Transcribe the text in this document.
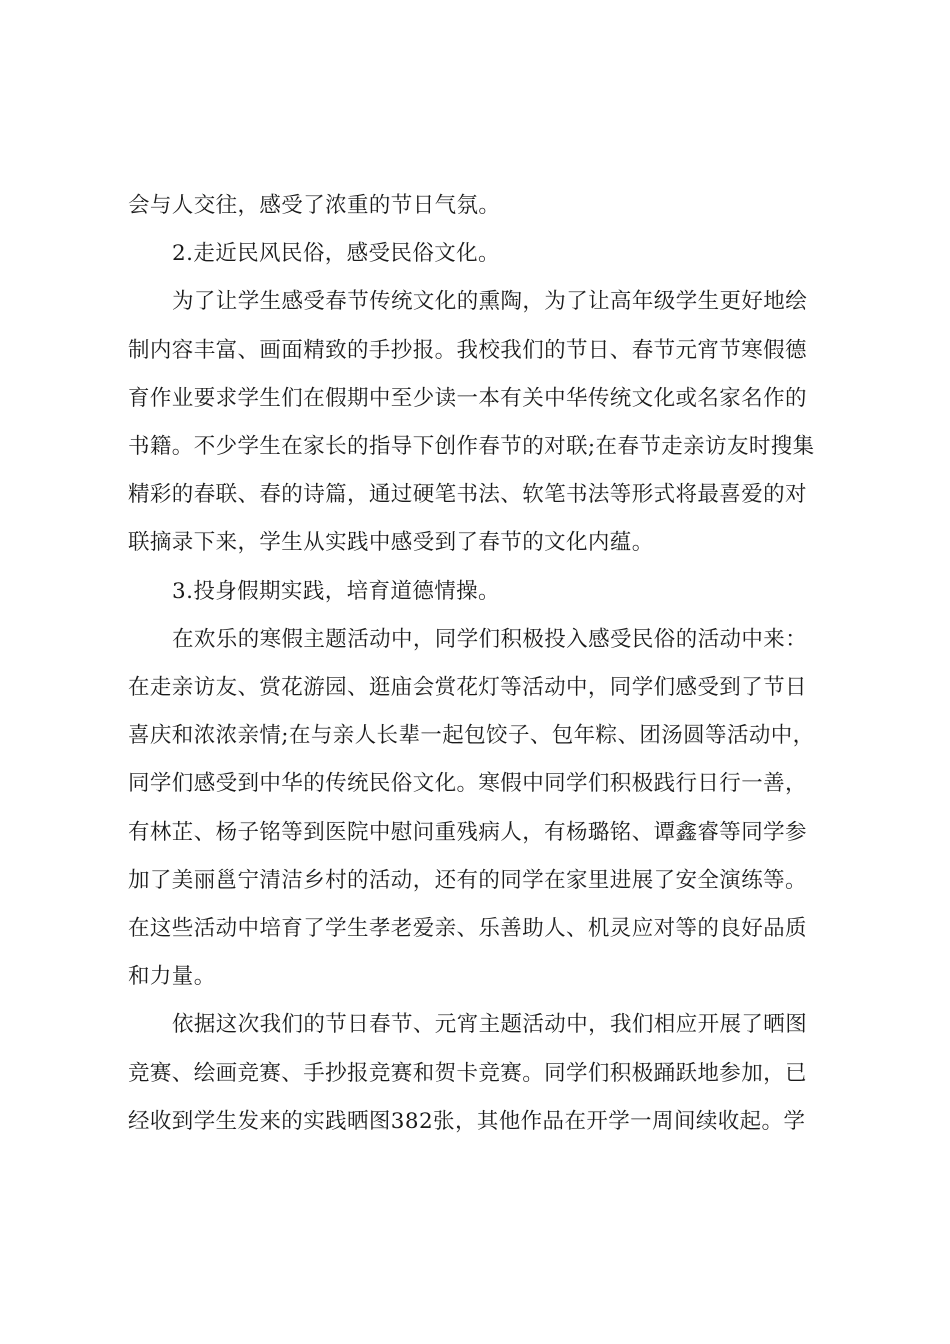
会与人交往，感受了浓重的节日气氛。

2.走近民风民俗，感受民俗文化。

为了让学生感受春节传统文化的熏陶，为了让高年级学生更好地绘
制内容丰富、画面精致的手抄报。我校我们的节日、春节元宵节寒假德
育作业要求学生们在假期中至少读一本有关中华传统文化或名家名作的
书籍。不少学生在家长的指导下创作春节的对联;在春节走亲访友时搜集
精彩的春联、春的诗篇，通过硬笔书法、软笔书法等形式将最喜爱的对
联摘录下来，学生从实践中感受到了春节的文化内蕴。

3.投身假期实践，培育道德情操。

在欢乐的寒假主题活动中，同学们积极投入感受民俗的活动中来：
在走亲访友、赏花游园、逛庙会赏花灯等活动中，同学们感受到了节日
喜庆和浓浓亲情;在与亲人长辈一起包饺子、包年粽、团汤圆等活动中，
同学们感受到中华的传统民俗文化。寒假中同学们积极践行日行一善，
有林芷、杨子铭等到医院中慰问重残病人，有杨璐铭、谭鑫睿等同学参
加了美丽邕宁清洁乡村的活动，还有的同学在家里进展了安全演练等。
在这些活动中培育了学生孝老爱亲、乐善助人、机灵应对等的良好品质
和力量。

依据这次我们的节日春节、元宵主题活动中，我们相应开展了晒图
竞赛、绘画竞赛、手抄报竞赛和贺卡竞赛。同学们积极踊跃地参加，已
经收到学生发来的实践晒图382张，其他作品在开学一周间续收起。学
